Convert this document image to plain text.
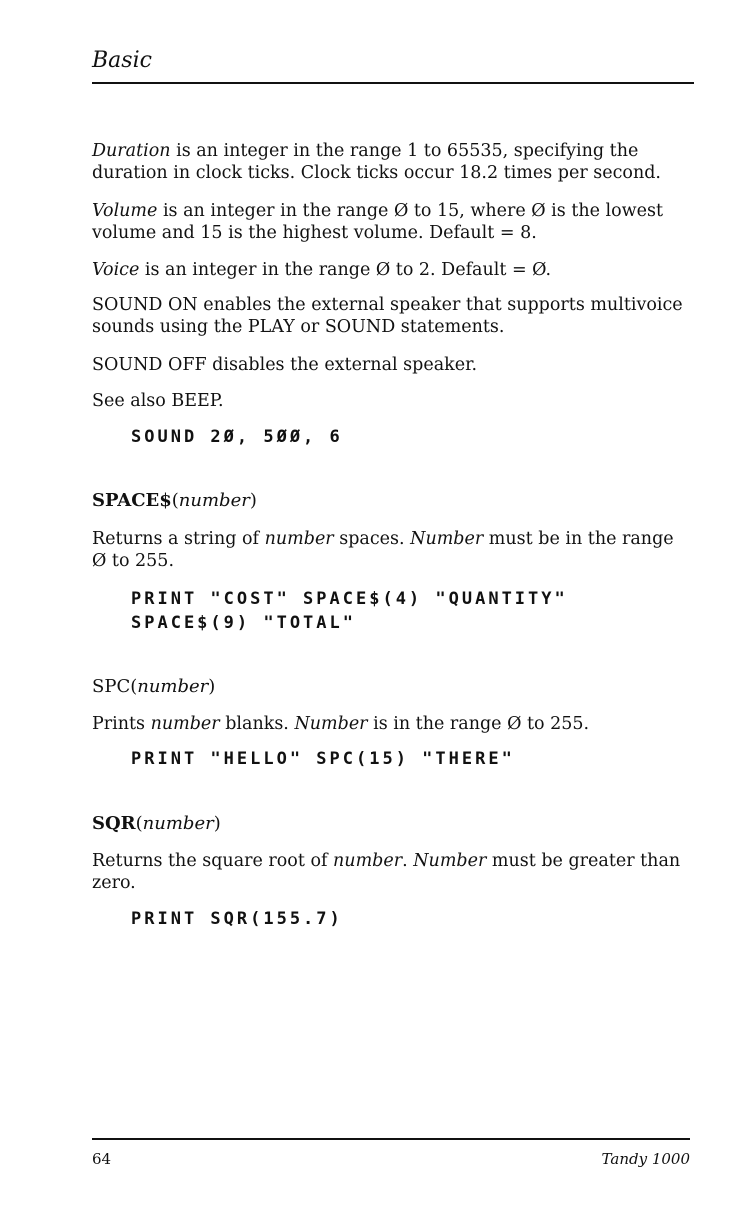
Basic

Duration is an integer in the range 1 to 65535, specifying the duration in clock ticks. Clock ticks occur 18.2 times per second.

Volume is an integer in the range Ø to 15, where Ø is the lowest volume and 15 is the highest volume. Default = 8.

Voice is an integer in the range Ø to 2. Default = Ø.

SOUND ON enables the external speaker that supports multivoice sounds using the PLAY or SOUND statements.

SOUND OFF disables the external speaker.

See also BEEP.

SOUND 2Ø, 5ØØ, 6
SPACE$(number)

Returns a string of number spaces. Number must be in the range Ø to 255.

PRINT "COST" SPACE$(4) "QUANTITY"
SPACE$(9) "TOTAL"
SPC(number)

Prints number blanks. Number is in the range Ø to 255.

PRINT "HELLO" SPC(15) "THERE"
SQR(number)

Returns the square root of number. Number must be greater than zero.

PRINT SQR(155.7)
64	Tandy 1000
